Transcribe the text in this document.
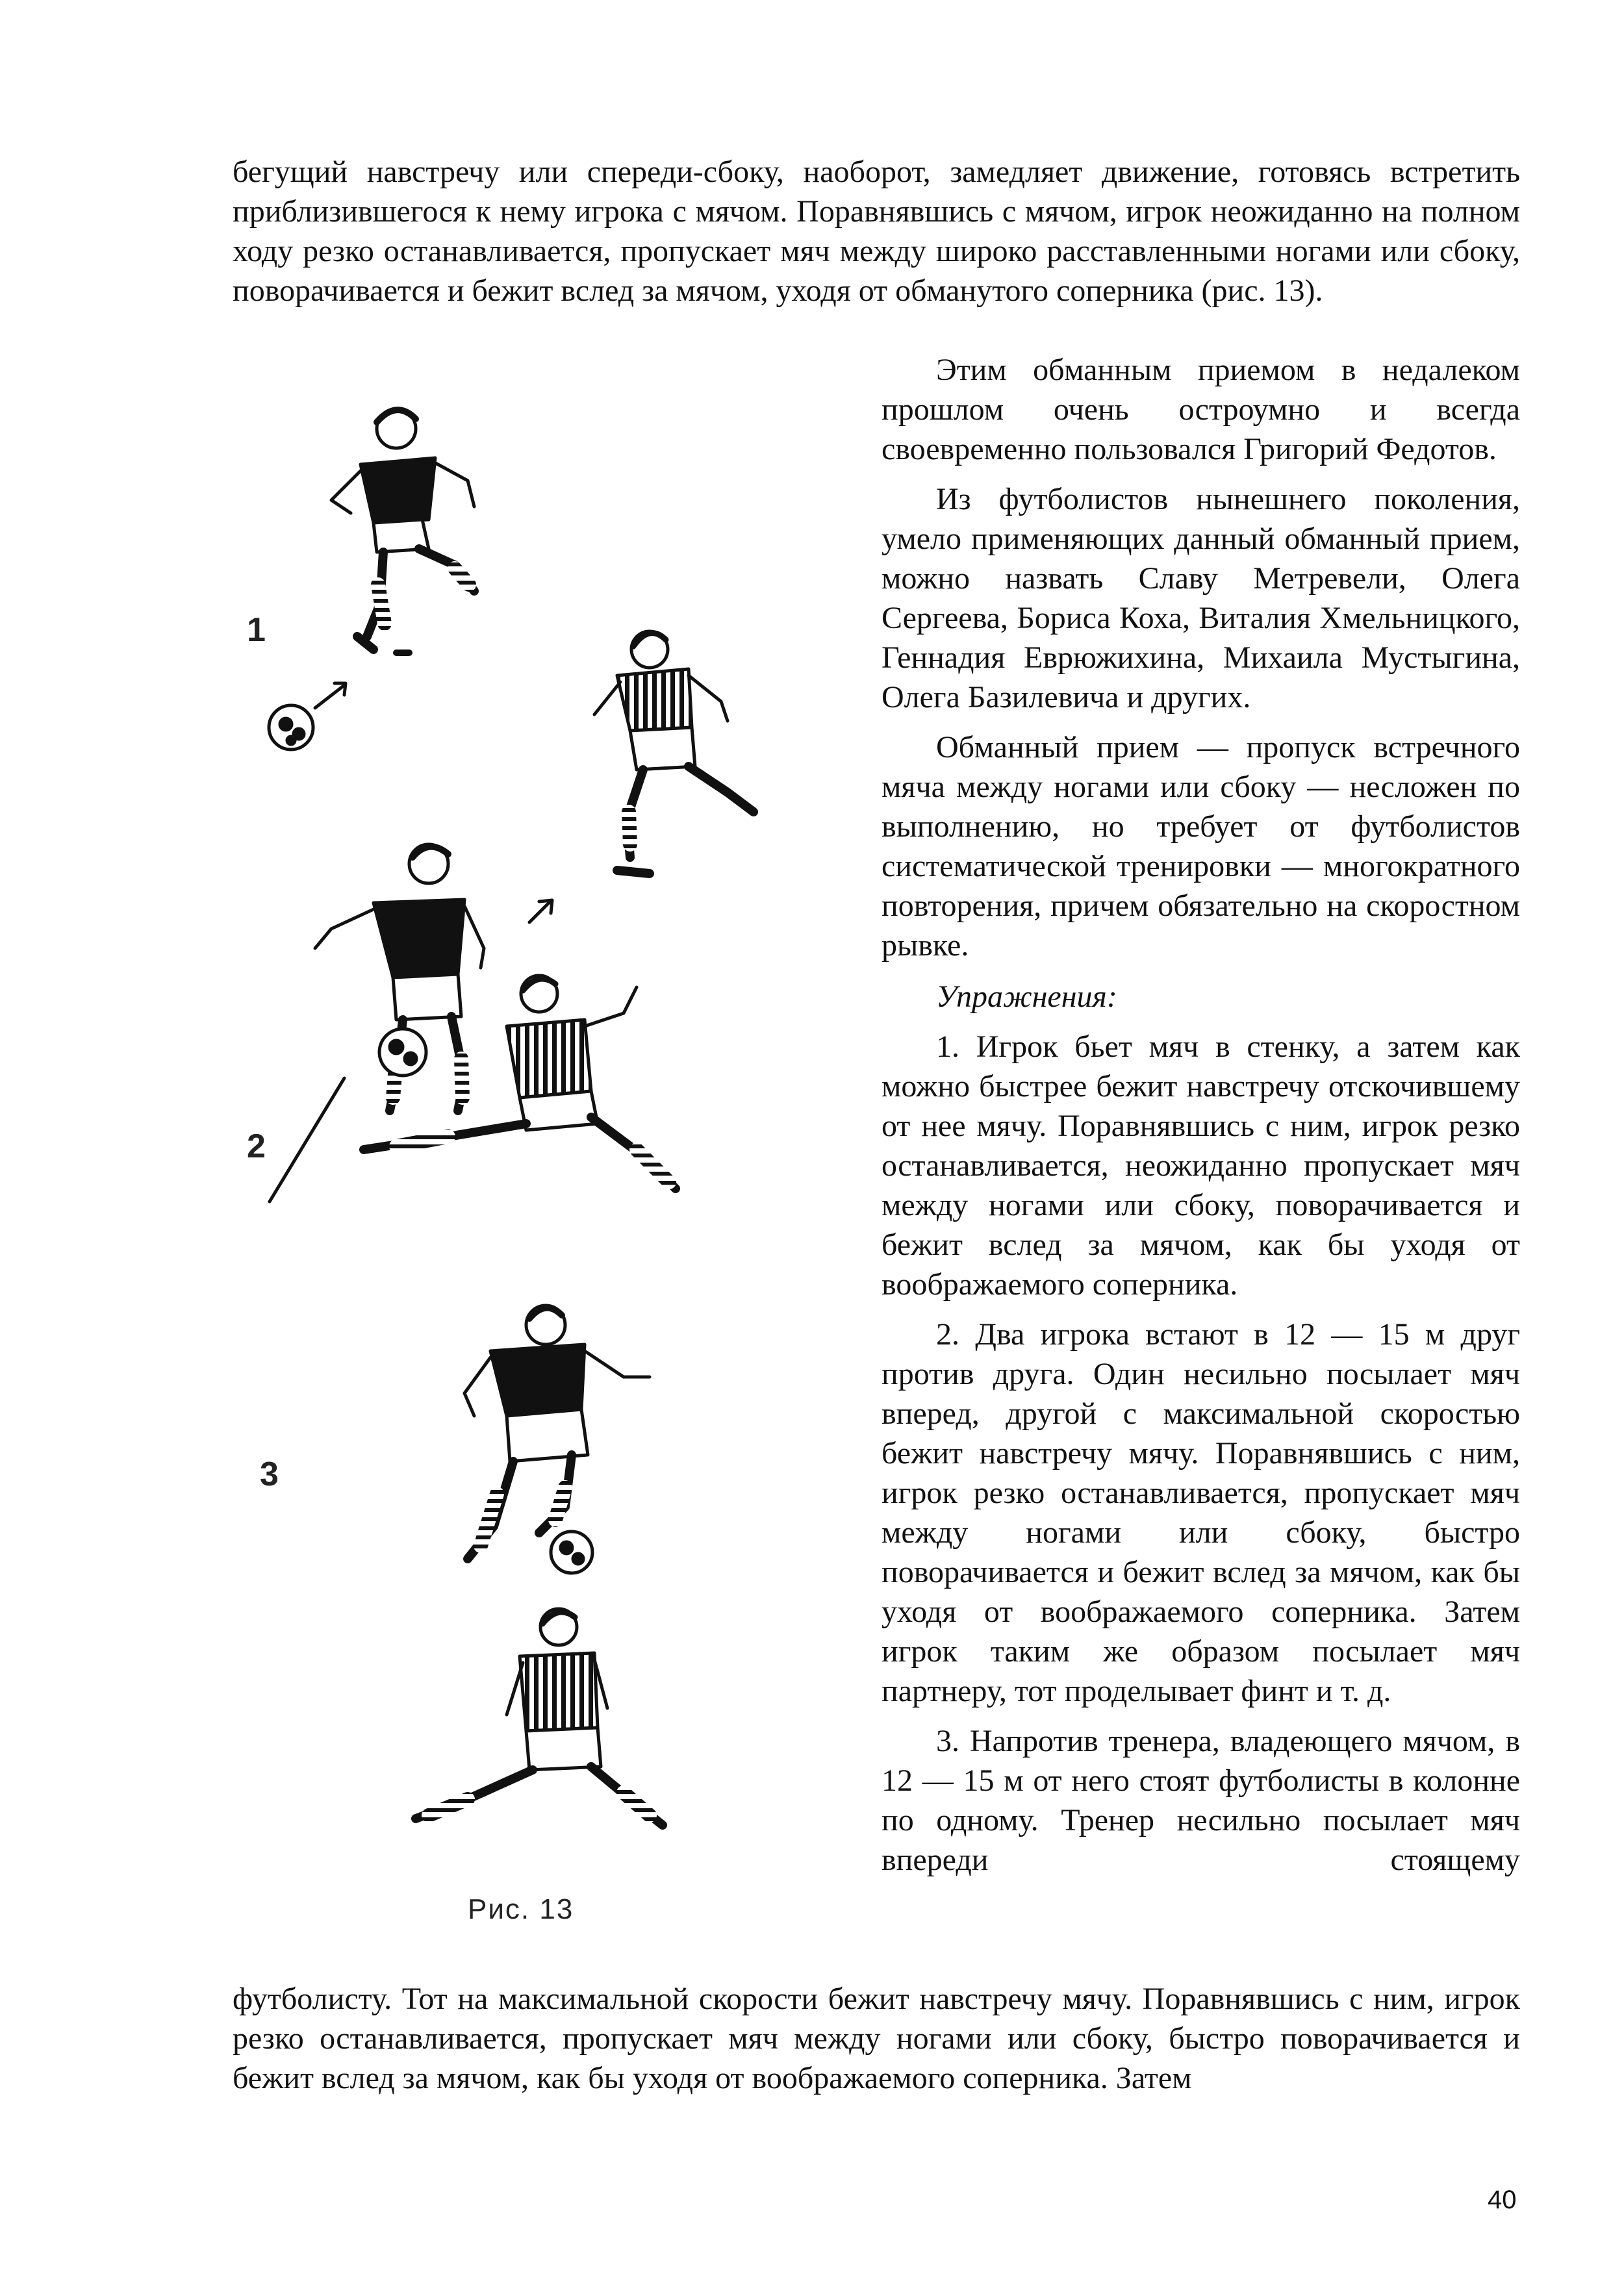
бегущий навстречу или спереди-сбоку, наоборот, замедляет движение, готовясь встретить приблизившегося к нему игрока с мячом. Поравнявшись с мячом, игрок неожиданно на полном ходу резко останавливается, пропускает мяч между широко расставленными ногами или сбоку, поворачивается и бежит вслед за мячом, уходя от обманутого соперника (рис. 13).

Этим обманным приемом в недалеком прошлом очень остроумно и всегда своевременно пользовался Григорий Федотов.

Из футболистов нынешнего поколения, умело применяющих данный обманный прием, можно назвать Славу Метревели, Олега Сергеева, Бориса Коха, Виталия Хмельницкого, Геннадия Еврюжихина, Михаила Мустыгина, Олега Базилевича и других.

Обманный прием — пропуск встречного мяча между ногами или сбоку — несложен по выполнению, но требует от футболистов систематической тренировки — многократного повторения, причем обязательно на скоростном рывке.

Упражнения:

1. Игрок бьет мяч в стенку, а затем как можно быстрее бежит навстречу отскочившему от нее мячу. Поравнявшись с ним, игрок резко останавливается, неожиданно пропускает мяч между ногами или сбоку, поворачивается и бежит вслед за мячом, как бы уходя от воображаемого соперника.

2. Два игрока встают в 12 — 15 м друг против друга. Один несильно посылает мяч вперед, другой с максимальной скоростью бежит навстречу мячу. Поравнявшись с ним, игрок резко останавливается, пропускает мяч между ногами или сбоку, быстро поворачивается и бежит вслед за мячом, как бы уходя от воображаемого соперника. Затем игрок таким же образом посылает мяч партнеру, тот проделывает финт и т. д.

3. Напротив тренера, владеющего мячом, в 12 — 15 м от него стоят футболисты в колонне по одному. Тренер несильно посылает мяч впереди стоящему

1
2
3
Рис. 13

футболисту. Тот на максимальной скорости бежит навстречу мячу. Поравнявшись с ним, игрок резко останавливается, пропускает мяч между ногами или сбоку, быстро поворачивается и бежит вслед за мячом, как бы уходя от воображаемого соперника. Затем

40
